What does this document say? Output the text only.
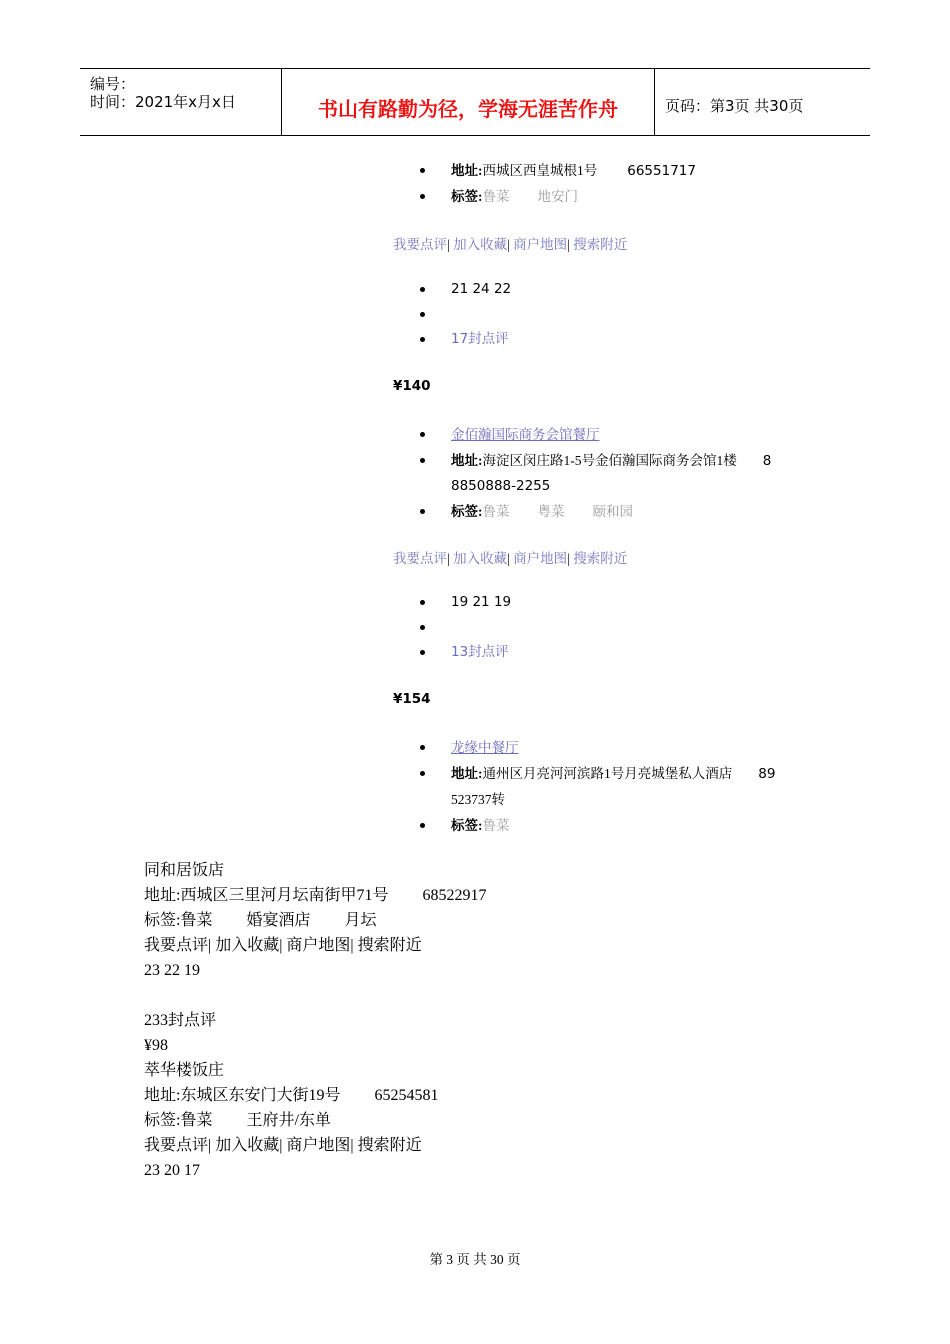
编号：
时间：2021年x月x日	书山有路勤为径，学海无涯苦作舟	页码：第3页 共30页
地址:西城区西皇城根1号 66551717
标签:鲁菜 地安门
我要点评| 加入收藏| 商户地图| 搜索附近
21 24 22

17封点评
¥140
金佰瀚国际商务会馆餐厅
地址:海淀区闵庄路1-5号金佰瀚国际商务会馆1楼 8
8850888-2255
标签:鲁菜 粤菜 颐和园
我要点评| 加入收藏| 商户地图| 搜索附近
19 21 19

13封点评
¥154
龙缘中餐厅
地址:通州区月亮河河滨路1号月亮城堡私人酒店 89
523737转
标签:鲁菜
同和居饭店
地址:西城区三里河月坛南街甲71号 68522917
标签:鲁菜 婚宴酒店 月坛
我要点评| 加入收藏| 商户地图| 搜索附近
23 22 19

233封点评
¥98
萃华楼饭庄
地址:东城区东安门大街19号 65254581
标签:鲁菜 王府井/东单
我要点评| 加入收藏| 商户地图| 搜索附近
23 20 17
第 3 页 共 30 页
